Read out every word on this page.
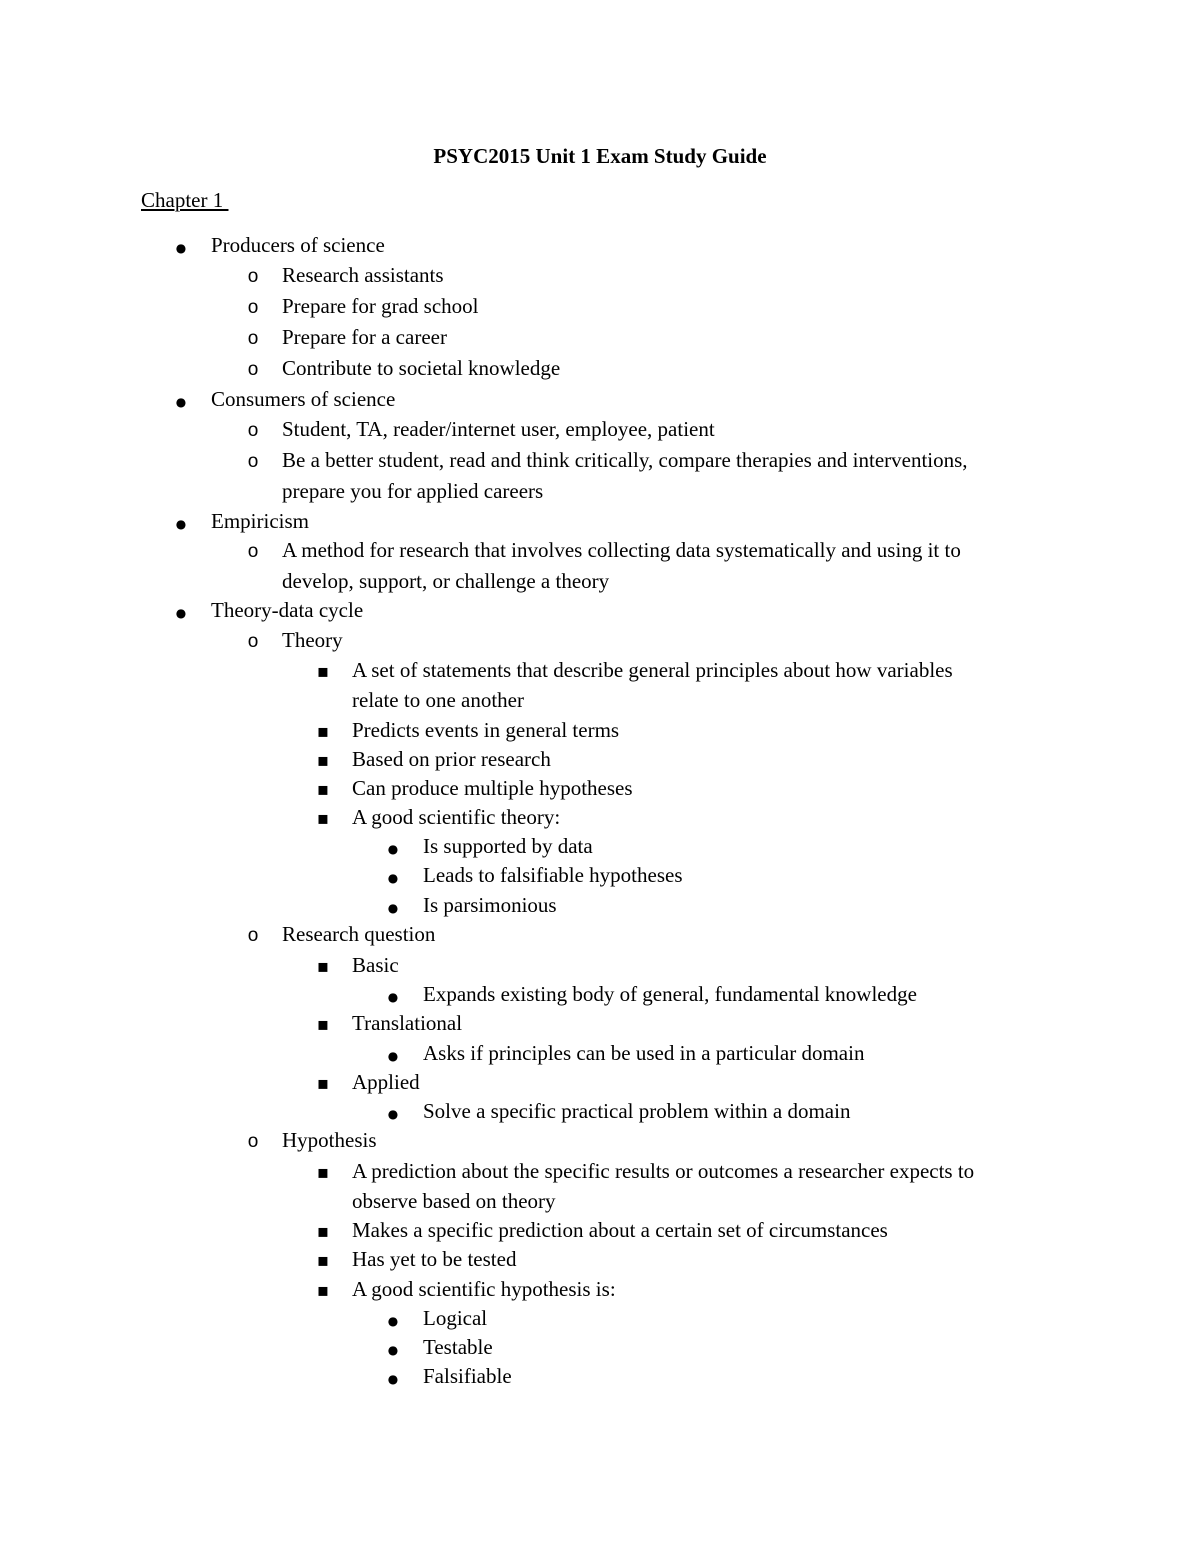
PSYC2015 Unit 1 Exam Study Guide
Chapter 1
●
Producers of science
o
Research assistants
o
Prepare for grad school
o
Prepare for a career
o
Contribute to societal knowledge
●
Consumers of science
o
Student, TA, reader/internet user, employee, patient
o
Be a better student, read and think critically, compare therapies and interventions,
prepare you for applied careers
●
Empiricism
o
A method for research that involves collecting data systematically and using it to
develop, support, or challenge a theory
●
Theory-data cycle
o
Theory
▪
A set of statements that describe general principles about how variables
relate to one another
▪
Predicts events in general terms
▪
Based on prior research
▪
Can produce multiple hypotheses
▪
A good scientific theory:
●
Is supported by data
●
Leads to falsifiable hypotheses
●
Is parsimonious
o
Research question
▪
Basic
●
Expands existing body of general, fundamental knowledge
▪
Translational
●
Asks if principles can be used in a particular domain
▪
Applied
●
Solve a specific practical problem within a domain
o
Hypothesis
▪
A prediction about the specific results or outcomes a researcher expects to
observe based on theory
▪
Makes a specific prediction about a certain set of circumstances
▪
Has yet to be tested
▪
A good scientific hypothesis is:
●
Logical
●
Testable
●
Falsifiable
